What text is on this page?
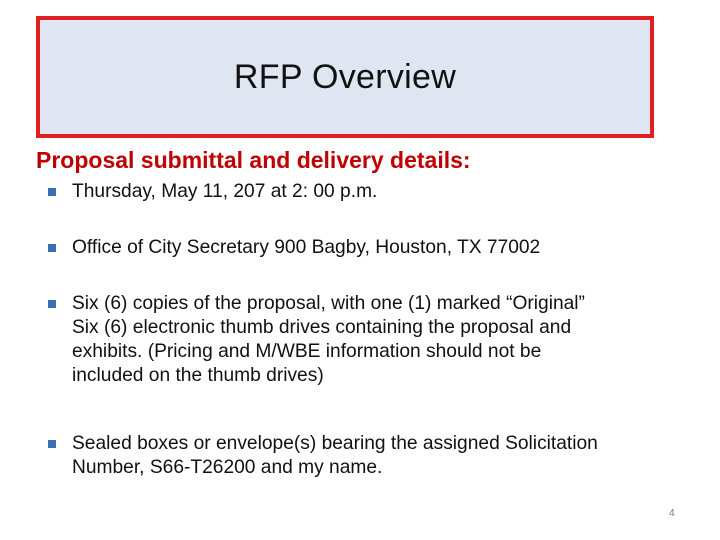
RFP Overview
Proposal submittal and delivery details:
Thursday, May 11, 207 at 2: 00 p.m.
Office of City Secretary 900 Bagby, Houston, TX 77002
Six (6) copies of the proposal, with one (1) marked “Original”
Six (6) electronic thumb drives containing the proposal and
exhibits. (Pricing and M/WBE information should not be
included on the thumb drives)
Sealed boxes or envelope(s) bearing the assigned Solicitation
Number, S66-T26200 and my name.
4
